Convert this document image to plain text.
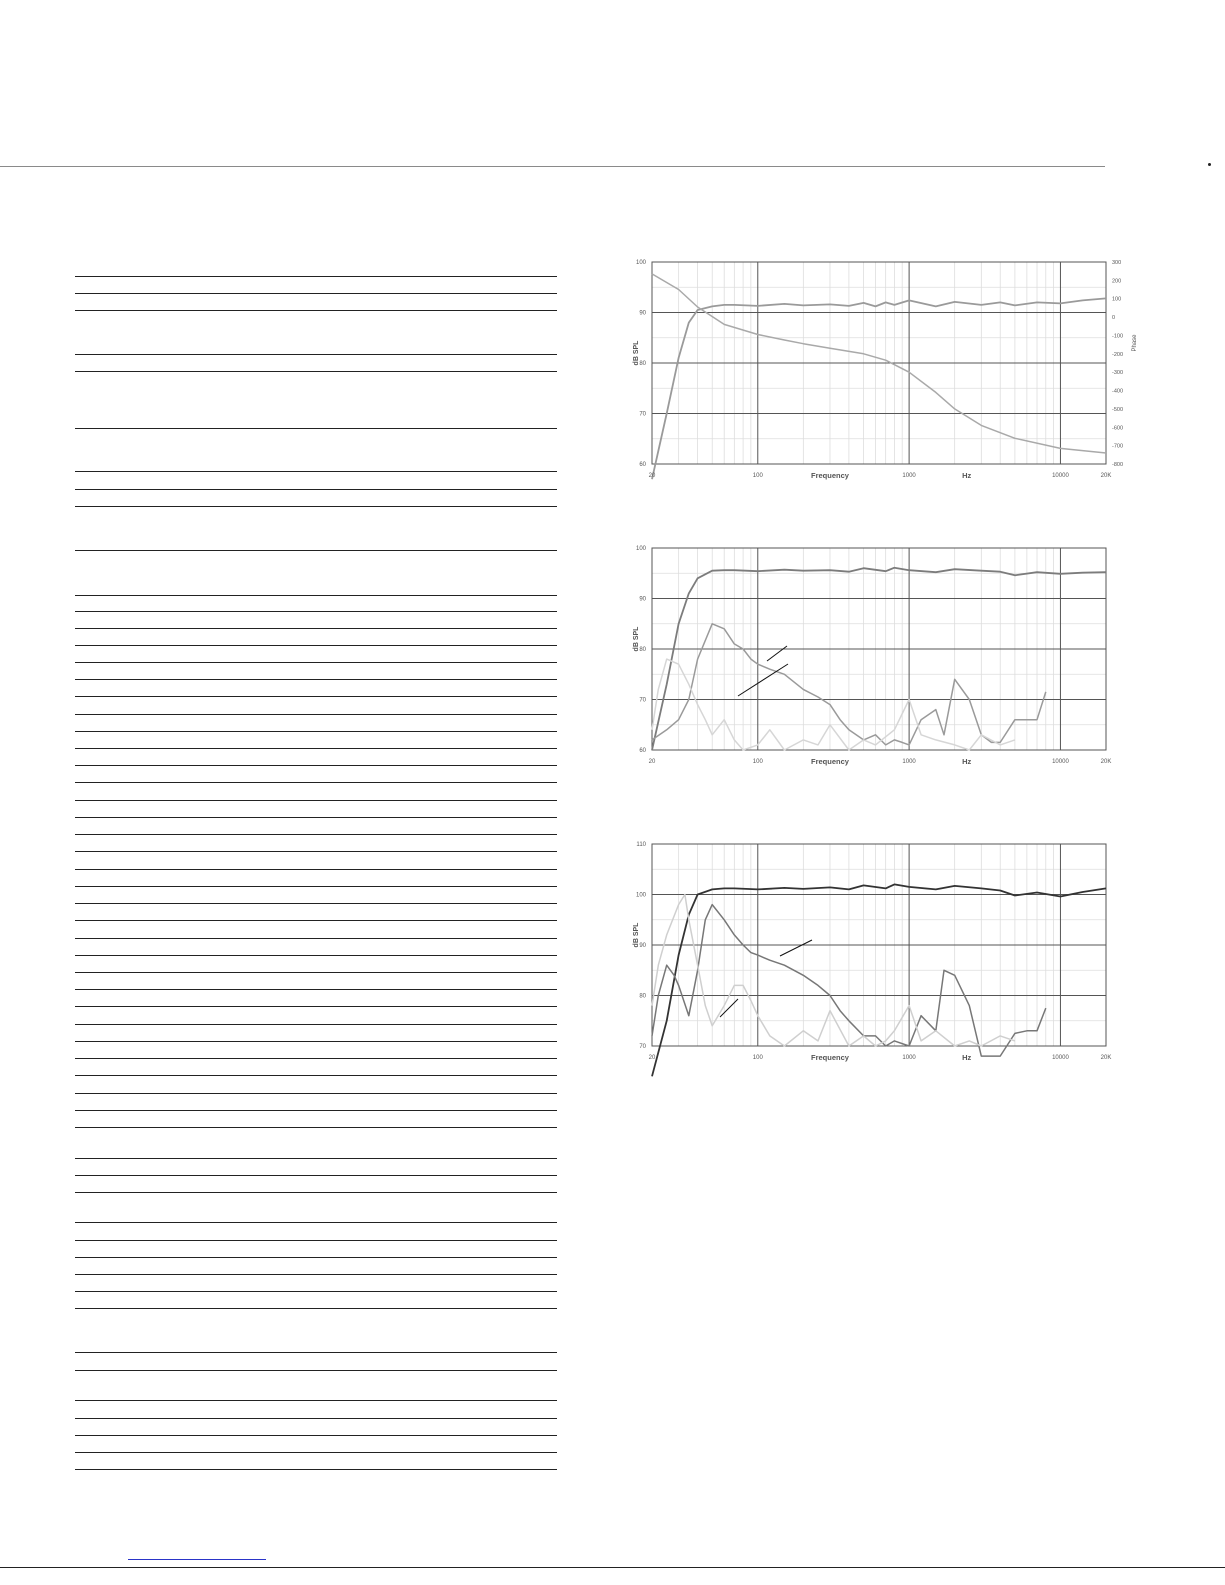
20	100	1000	10000	20K
100
90
80
70
60
300
200
100
0
-100
-200
-300
-400
-500
-600
-700
-800
Phase
Frequency	Hz
dB SPL
20	100	1000	10000	20K
100
90
80
70
60
Frequency	Hz
dB SPL
20	100	1000	10000	20K
110
100
90
80
70
Frequency	Hz
dB SPL
